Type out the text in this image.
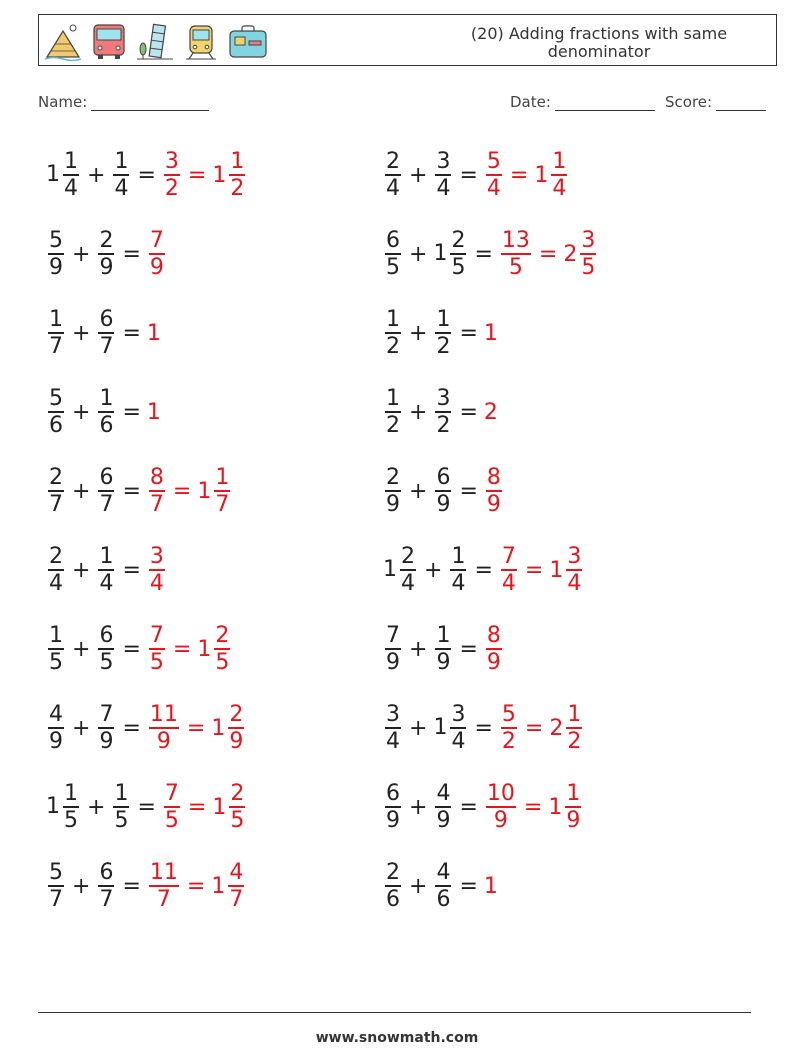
(20) Adding fractions with same denominator
Name:	Date:	Score:
$1 \frac{1}{4} + \frac{1}{4} = \frac{3}{2} = 1 \frac{1}{2}$	$\frac{2}{4} + \frac{3}{4} = \frac{5}{4} = 1 \frac{1}{4}$
$\frac{5}{9} + \frac{2}{9} = \frac{7}{9}$	$\frac{6}{5} + 1 \frac{2}{5} = \frac{13}{5} = 2 \frac{3}{5}$
$\frac{1}{7} + \frac{6}{7} = 1$	$\frac{1}{2} + \frac{1}{2} = 1$
$\frac{5}{6} + \frac{1}{6} = 1$	$\frac{1}{2} + \frac{3}{2} = 2$
$\frac{2}{7} + \frac{6}{7} = \frac{8}{7} = 1 \frac{1}{7}$	$\frac{2}{9} + \frac{6}{9} = \frac{8}{9}$
$\frac{2}{4} + \frac{1}{4} = \frac{3}{4}$	$1 \frac{2}{4} + \frac{1}{4} = \frac{7}{4} = 1 \frac{3}{4}$
$\frac{1}{5} + \frac{6}{5} = \frac{7}{5} = 1 \frac{2}{5}$	$\frac{7}{9} + \frac{1}{9} = \frac{8}{9}$
$\frac{4}{9} + \frac{7}{9} = \frac{11}{9} = 1 \frac{2}{9}$	$\frac{3}{4} + 1 \frac{3}{4} = \frac{5}{2} = 2 \frac{1}{2}$
$1 \frac{1}{5} + \frac{1}{5} = \frac{7}{5} = 1 \frac{2}{5}$	$\frac{6}{9} + \frac{4}{9} = \frac{10}{9} = 1 \frac{1}{9}$
$\frac{5}{7} + \frac{6}{7} = \frac{11}{7} = 1 \frac{4}{7}$	$\frac{2}{6} + \frac{4}{6} = 1$
www.snowmath.com
